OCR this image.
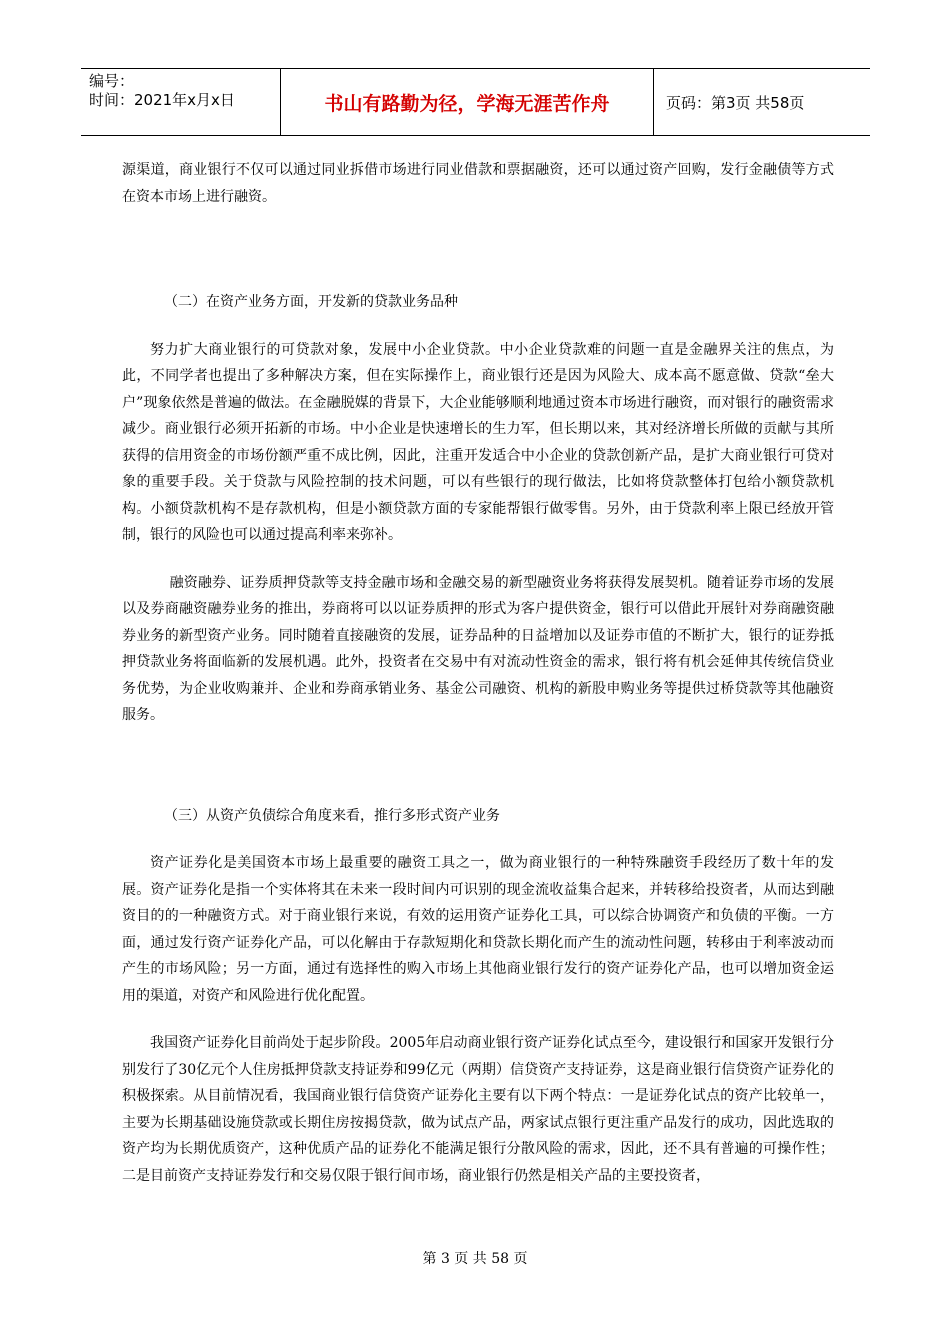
编号：
时间：2021年x月x日	书山有路勤为径，学海无涯苦作舟	页码：第3页 共58页

源渠道，商业银行不仅可以通过同业拆借市场进行同业借款和票据融资，还可以通过资产回购，发行金融债等方式在资本市场上进行融资。

（二）在资产业务方面，开发新的贷款业务品种

努力扩大商业银行的可贷款对象，发展中小企业贷款。中小企业贷款难的问题一直是金融界关注的焦点，为此，不同学者也提出了多种解决方案，但在实际操作上，商业银行还是因为风险大、成本高不愿意做、贷款“垒大户”现象依然是普遍的做法。在金融脱媒的背景下，大企业能够顺利地通过资本市场进行融资，而对银行的融资需求减少。商业银行必须开拓新的市场。中小企业是快速增长的生力军，但长期以来，其对经济增长所做的贡献与其所获得的信用资金的市场份额严重不成比例，因此，注重开发适合中小企业的贷款创新产品，是扩大商业银行可贷对象的重要手段。关于贷款与风险控制的技术问题，可以有些银行的现行做法，比如将贷款整体打包给小额贷款机构。小额贷款机构不是存款机构，但是小额贷款方面的专家能帮银行做零售。另外，由于贷款利率上限已经放开管制，银行的风险也可以通过提高利率来弥补。

融资融券、证券质押贷款等支持金融市场和金融交易的新型融资业务将获得发展契机。随着证券市场的发展以及券商融资融券业务的推出，券商将可以以证券质押的形式为客户提供资金，银行可以借此开展针对券商融资融券业务的新型资产业务。同时随着直接融资的发展，证券品种的日益增加以及证券市值的不断扩大，银行的证券抵押贷款业务将面临新的发展机遇。此外，投资者在交易中有对流动性资金的需求，银行将有机会延伸其传统信贷业务优势，为企业收购兼并、企业和券商承销业务、基金公司融资、机构的新股申购业务等提供过桥贷款等其他融资服务。

（三）从资产负债综合角度来看，推行多形式资产业务

资产证券化是美国资本市场上最重要的融资工具之一，做为商业银行的一种特殊融资手段经历了数十年的发展。资产证券化是指一个实体将其在未来一段时间内可识别的现金流收益集合起来，并转移给投资者，从而达到融资目的的一种融资方式。对于商业银行来说，有效的运用资产证券化工具，可以综合协调资产和负债的平衡。一方面，通过发行资产证券化产品，可以化解由于存款短期化和贷款长期化而产生的流动性问题，转移由于利率波动而产生的市场风险；另一方面，通过有选择性的购入市场上其他商业银行发行的资产证券化产品，也可以增加资金运用的渠道，对资产和风险进行优化配置。

我国资产证券化目前尚处于起步阶段。2005年启动商业银行资产证券化试点至今，建设银行和国家开发银行分别发行了30亿元个人住房抵押贷款支持证券和99亿元（两期）信贷资产支持证券，这是商业银行信贷资产证券化的积极探索。从目前情况看，我国商业银行信贷资产证券化主要有以下两个特点：一是证券化试点的资产比较单一，主要为长期基础设施贷款或长期住房按揭贷款，做为试点产品，两家试点银行更注重产品发行的成功，因此选取的资产均为长期优质资产，这种优质产品的证券化不能满足银行分散风险的需求，因此，还不具有普遍的可操作性；二是目前资产支持证券发行和交易仅限于银行间市场，商业银行仍然是相关产品的主要投资者，

第 3 页 共 58 页
